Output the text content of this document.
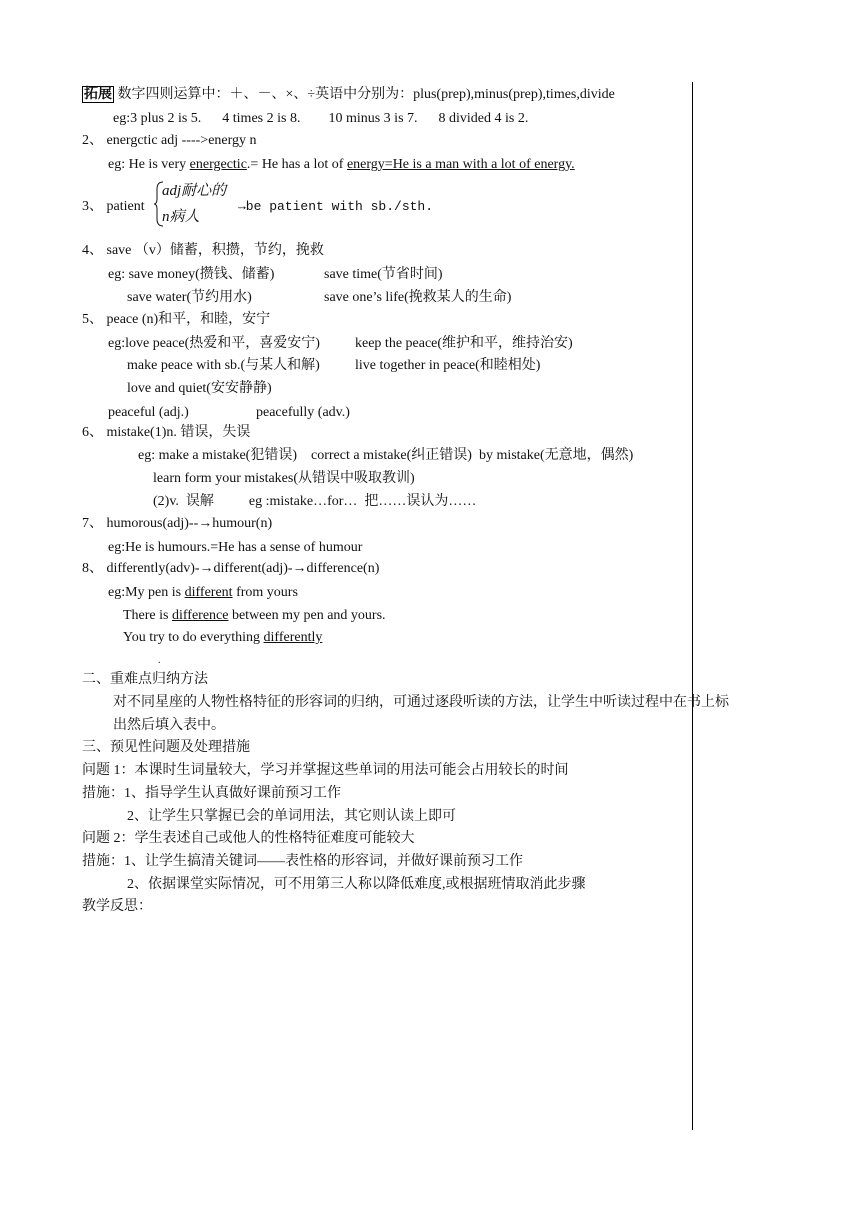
拓展 数字四则运算中：＋、－、×、÷英语中分别为：plus(prep),minus(prep),times,divide
eg:3 plus 2 is 5.      4 times 2 is 8.        10 minus 3 is 7.      8 divided 4 is 2.
2、 energctic adj ---->energy n
eg: He is very energectic.= He has a lot of energy=He is a man with a lot of energy.
3、 patient
adj耐心的
n病人
→be patient with sb./sth.
4、 save （v）储蓄，积攒，节约，挽救
eg: save money(攒钱、储蓄)	save time(节省时间)
save water(节约用水)	save one’s life(挽救某人的生命)
5、 peace (n)和平，和睦，安宁
eg:love peace(热爱和平，喜爱安宁)	keep the peace(维护和平，维持治安)
make peace with sb.(与某人和解)	live together in peace(和睦相处)
love and quiet(安安静静)
peaceful (adj.)	peacefully (adv.)
6、 mistake(1)n. 错误，失误
eg: make a mistake(犯错误)    correct a mistake(纠正错误)  by mistake(无意地，偶然)
learn form your mistakes(从错误中吸取教训)
(2)v.  误解          eg :mistake…for…  把……误认为……
7、 humorous(adj)--→humour(n)
eg:He is humours.=He has a sense of humour
8、 differently(adv)-→different(adj)-→difference(n)
eg:My pen is different from yours
There is difference between my pen and yours.
You try to do everything differently
.
二、重难点归纳方法
对不同星座的人物性格特征的形容词的归纳，可通过逐段听读的方法，让学生中听读过程中在书上标
出然后填入表中。
三、预见性问题及处理措施
问题 1：本课时生词量较大，学习并掌握这些单词的用法可能会占用较长的时间
措施：1、指导学生认真做好课前预习工作
2、让学生只掌握已会的单词用法，其它则认读上即可
问题 2：学生表述自己或他人的性格特征难度可能较大
措施：1、让学生搞清关键词——表性格的形容词，并做好课前预习工作
2、依据课堂实际情况，可不用第三人称以降低难度,或根据班情取消此步骤
教学反思：
